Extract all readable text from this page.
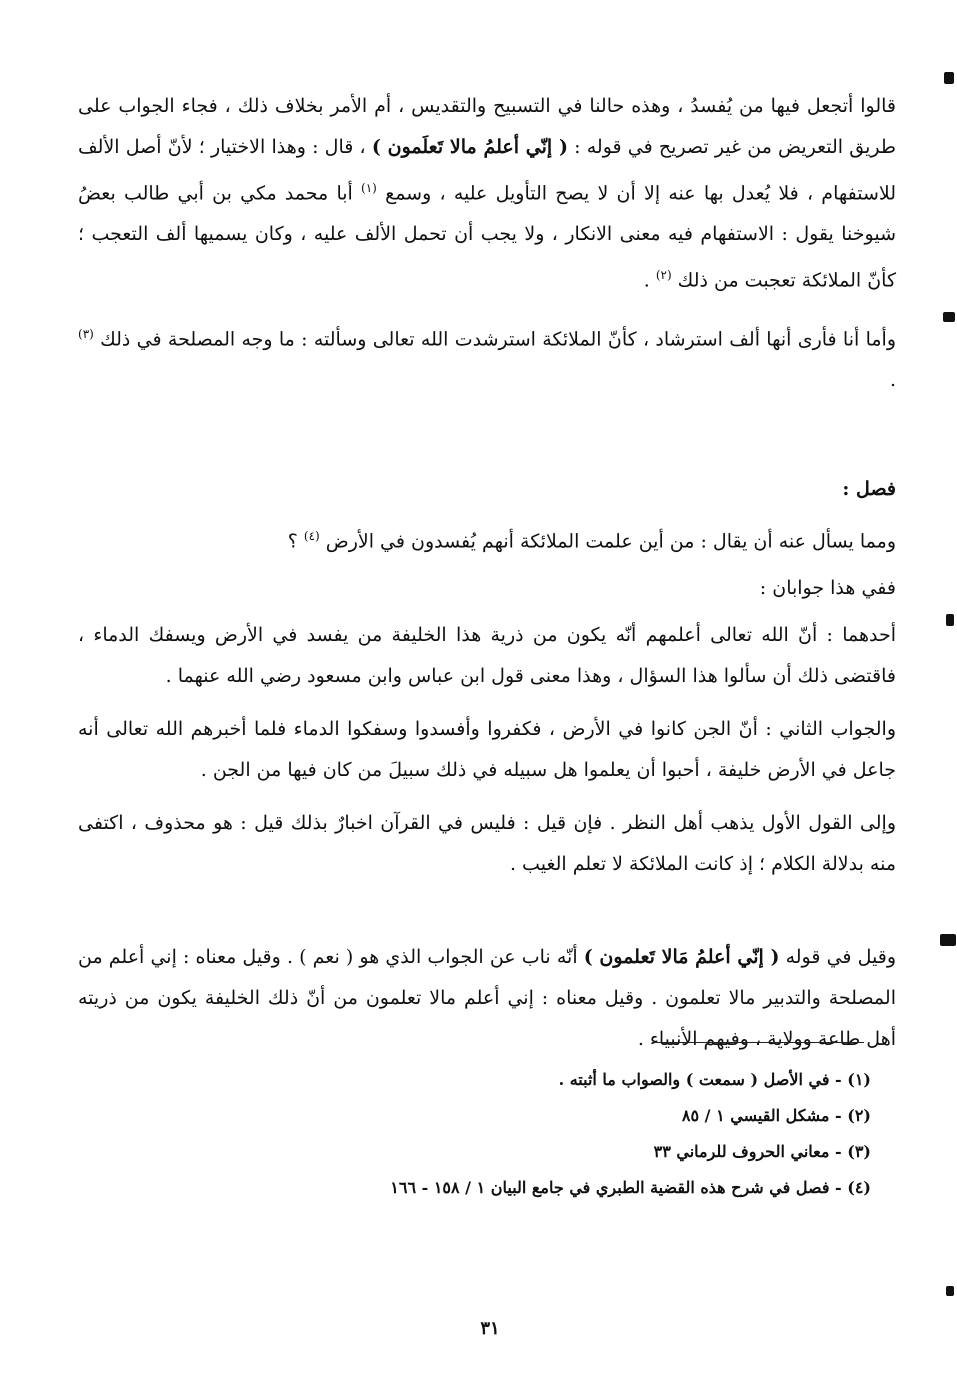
قالوا أتجعل فيها من يُفسدُ ، وهذه حالنا في التسبيح والتقديس ، أم الأمر بخلاف ذلك ، فجاء الجواب على طريق التعريض من غير تصريح في قوله : ( إنّي أعلمُ مالا تَعلَمون ) ، قال : وهذا الاختيار ؛ لأنّ أصل الألف للاستفهام ، فلا يُعدل بها عنه إلا أن لا يصح التأويل عليه ، وسمع $^{(١)}$ أبا محمد مكي بن أبي طالب بعضُ شيوخنا يقول : الاستفهام فيه معنى الانكار ، ولا يجب أن تحمل الألف عليه ، وكان يسميها ألف التعجب ؛ كأنّ الملائكة تعجبت من ذلك $^{(٢)}$ .

وأما أنا فأرى أنها ألف استرشاد ، كأنّ الملائكة استرشدت الله تعالى وسألته : ما وجه المصلحة في ذلك $^{(٣)}$ .

فصل :

ومما يسأل عنه أن يقال : من أين علمت الملائكة أنهم يُفسدون في الأرض $^{(٤)}$ ؟

ففي هذا جوابان :

أحدهما : أنّ الله تعالى أعلمهم أنّه يكون من ذرية هذا الخليفة من يفسد في الأرض ويسفك الدماء ، فاقتضى ذلك أن سألوا هذا السؤال ، وهذا معنى قول ابن عباس وابن مسعود رضي الله عنهما .

والجواب الثاني : أنّ الجن كانوا في الأرض ، فكفروا وأفسدوا وسفكوا الدماء فلما أخبرهم الله تعالى أنه جاعل في الأرض خليفة ، أحبوا أن يعلموا هل سبيله في ذلك سبيلَ من كان فيها من الجن .

وإلى القول الأول يذهب أهل النظر . فإن قيل : فليس في القرآن اخبارٌ بذلك قيل : هو محذوف ، اكتفى منه بدلالة الكلام ؛ إذ كانت الملائكة لا تعلم الغيب .

وقيل في قوله ( إنّي أعلمُ مَالا تَعلمون ) أنّه ناب عن الجواب الذي هو ( نعم ) . وقيل معناه : إني أعلم من المصلحة والتدبير مالا تعلمون . وقيل معناه : إني أعلم مالا تعلمون من أنّ ذلك الخليفة يكون من ذريته أهل طاعة وولاية ، وفيهم الأنبياء .

(١) - في الأصل ( سمعت ) والصواب ما أثبته .

(٢) - مشكل القيسي ١ / ٨٥

(٣) - معاني الحروف للرماني ٣٣

(٤) - فصل في شرح هذه القضية الطبري في جامع البيان ١ / ١٥٨ - ١٦٦

٣١
